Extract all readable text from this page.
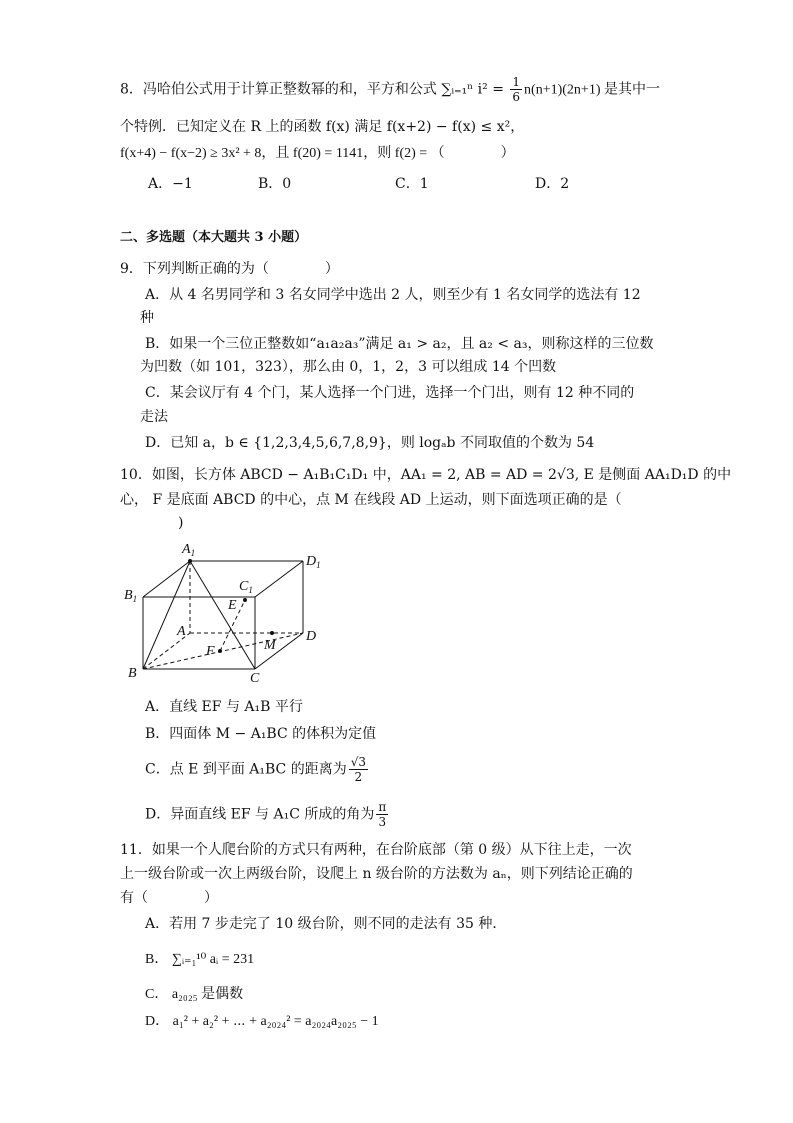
8．冯哈伯公式用于计算正整数幂的和，平方和公式 ∑ᵢ₌₁ⁿ $i^2 = \frac{1}{6} n(n+1)(2n+1)$ 是其中一
个特例．已知定义在 R 上的函数 f(x) 满足 f(x+2) − f(x) ≤ x²，
f(x+4) − f(x−2) ≥ 3x² + 8，且 f(20) = 1141，则 f(2) = （　　　　）
A．−1	B．0	C．1	D．2
二、多选题（本大题共 3 小题）
9．下列判断正确的为（　　　　）
A．从 4 名男同学和 3 名女同学中选出 2 人，则至少有 1 名女同学的选法有 12
种
B．如果一个三位正整数如“a₁a₂a₃”满足 a₁ > a₂，且 a₂ < a₃，则称这样的三位数
为凹数（如 101，323），那么由 0，1，2，3 可以组成 14 个凹数
C．某会议厅有 4 个门，某人选择一个门进，选择一个门出，则有 12 种不同的
走法
D．已知 a，b ∈ {1,2,3,4,5,6,7,8,9}，则 logₐb 不同取值的个数为 54
10．如图，长方体 ABCD − A₁B₁C₁D₁ 中，AA₁ = 2, AB = AD = 2√3, E 是侧面 AA₁D₁D 的中
心， F 是底面 ABCD 的中心，点 M 在线段 AD 上运动，则下面选项正确的是（
)
$A_1$
$D_1$
$B_1$
$C_1$
E
A	D
M
F
B	C
A．直线 EF 与 A₁B 平行
B．四面体 M − A₁BC 的体积为定值
C．点 E 到平面 A₁BC 的距离为 $\frac{√3}{2}$
D．异面直线 EF 与 A₁C 所成的角为 $\frac{\pi}{3}$
11．如果一个人爬台阶的方式只有两种，在台阶底部（第 0 级）从下往上走，一次
上一级台阶或一次上两级台阶，设爬上 n 级台阶的方法数为 aₙ，则下列结论正确的
有（　　　　）
A．若用 7 步走完了 10 级台阶，则不同的走法有 35 种．
B． ∑ᵢ₌₁¹⁰ aᵢ = 231
C． a₂₀₂₅ 是偶数
D． a₁² + a₂² + ⋯ + a₂₀₂₄² = a₂₀₂₄a₂₀₂₅ − 1
